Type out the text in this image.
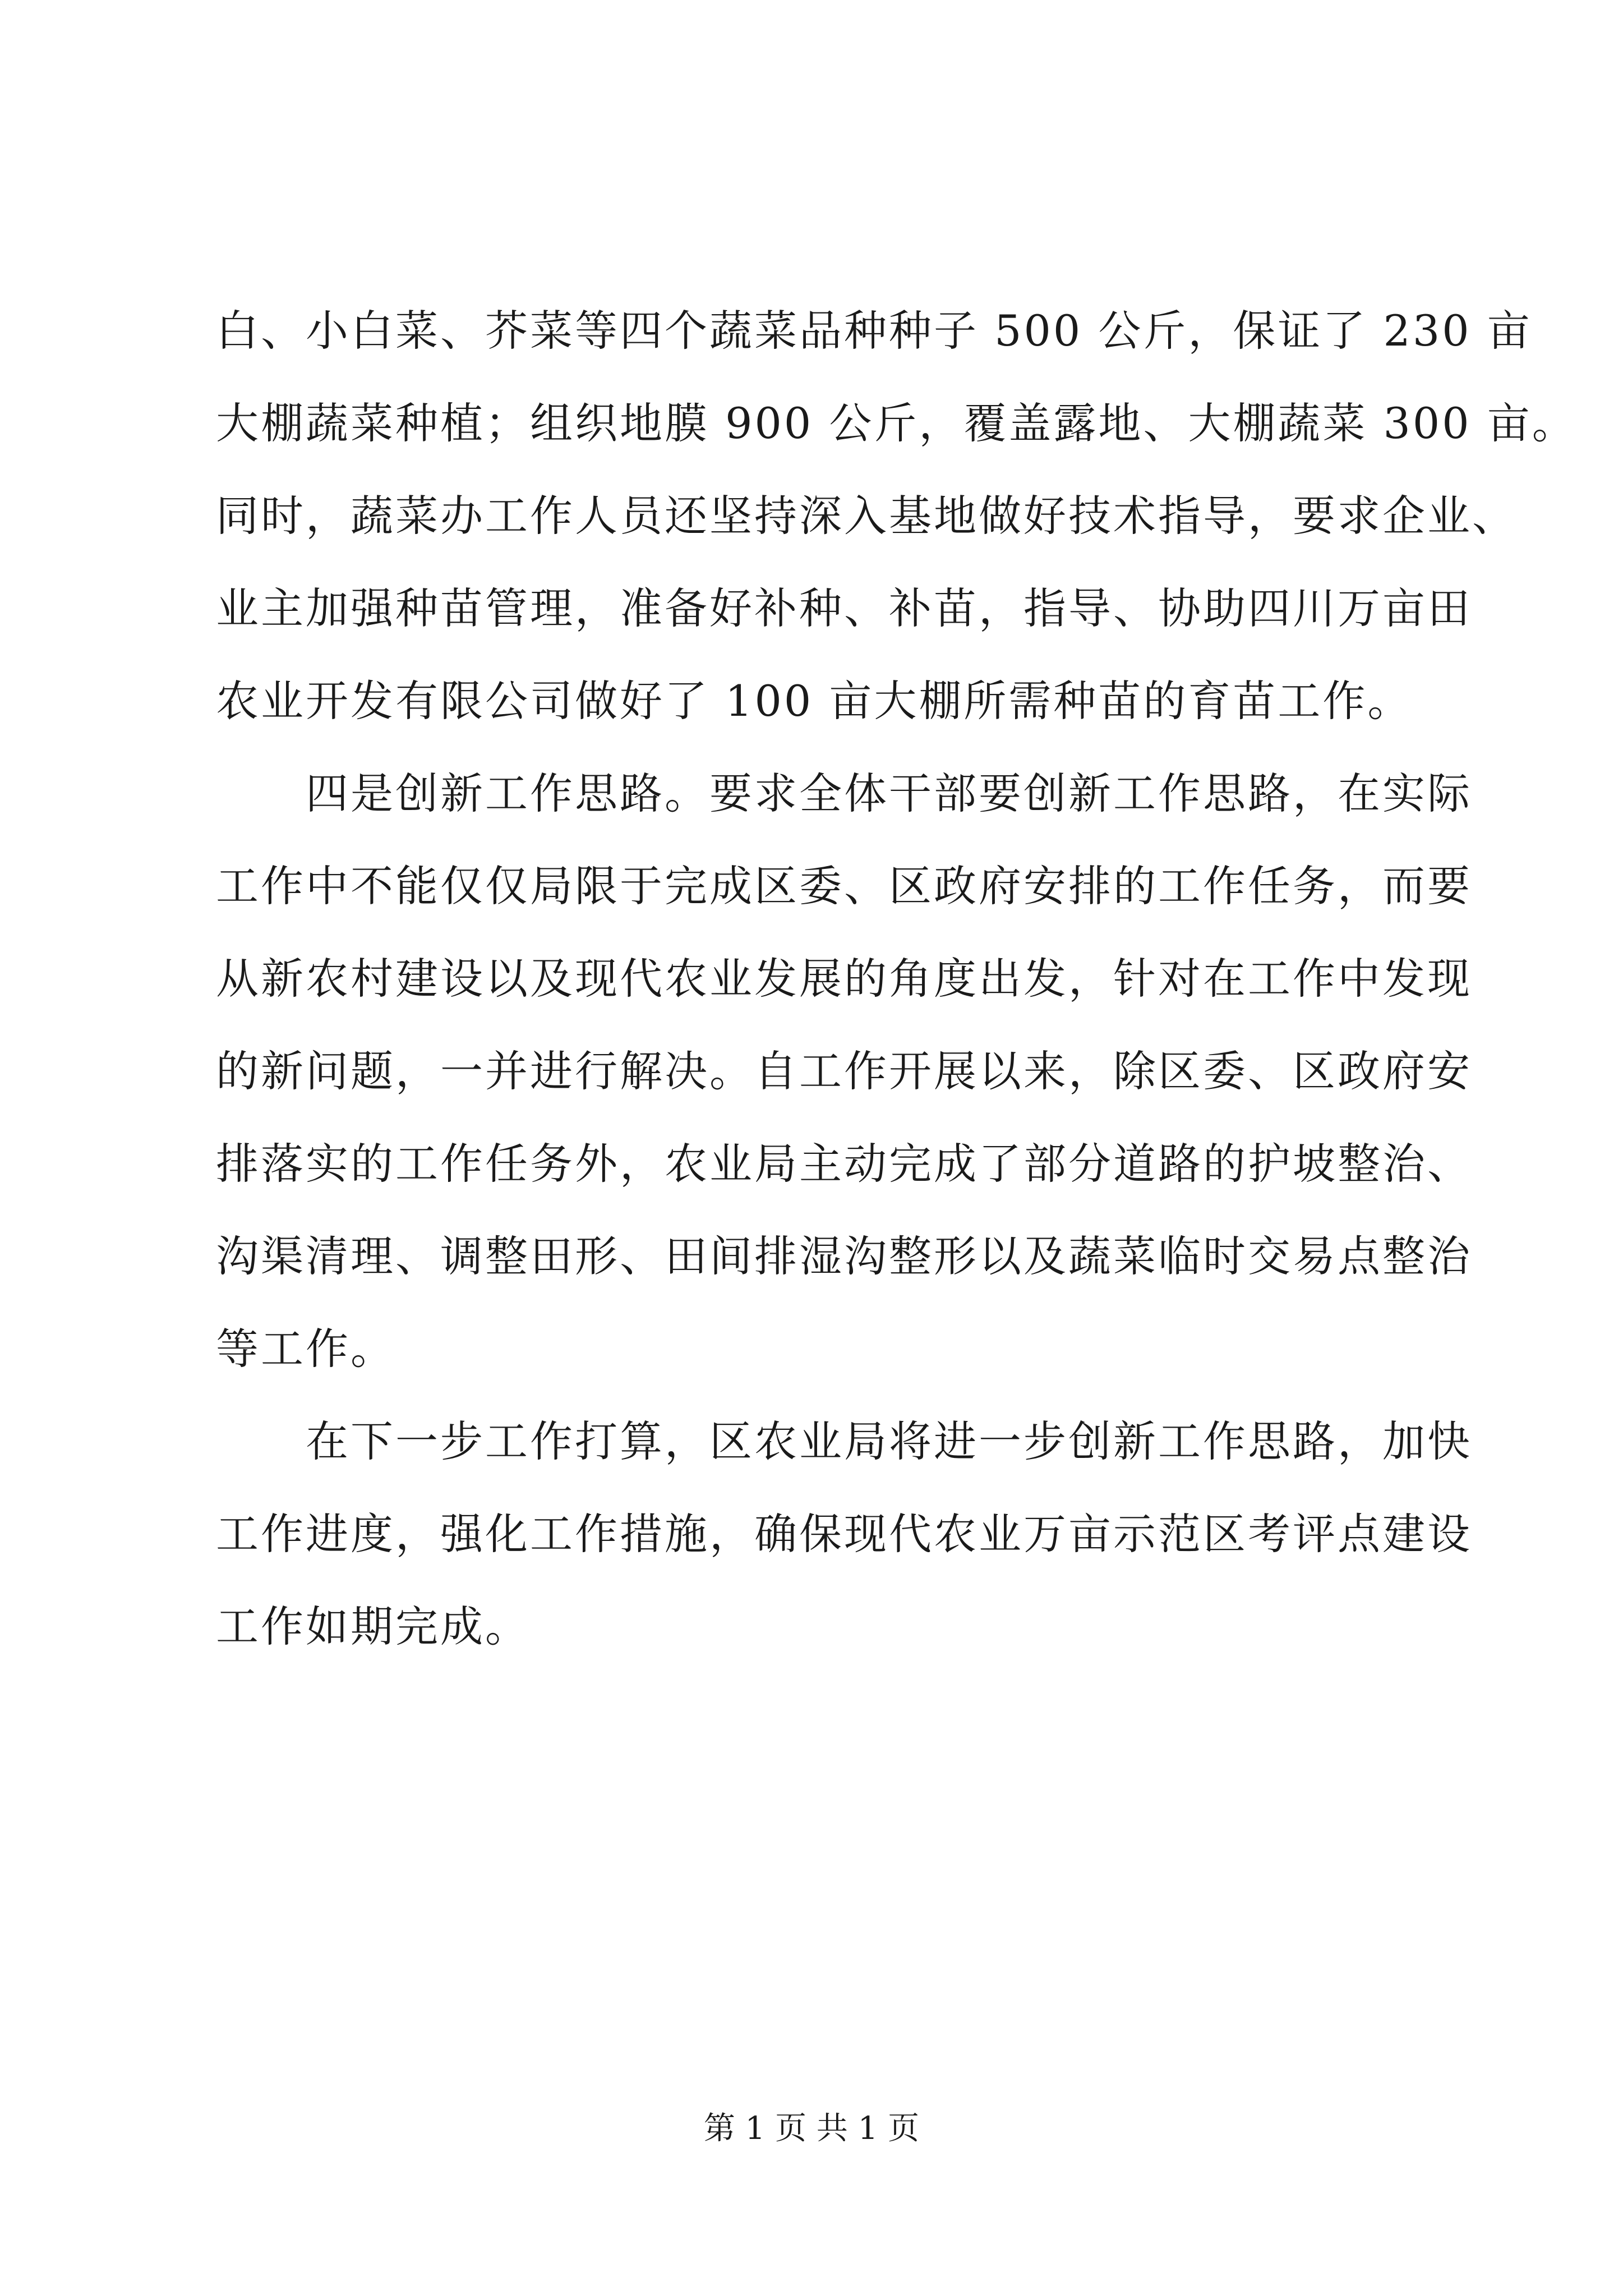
白、小白菜、芥菜等四个蔬菜品种种子 500 公斤，保证了 230 亩
大棚蔬菜种植；组织地膜 900 公斤，覆盖露地、大棚蔬菜 300 亩。
同时，蔬菜办工作人员还坚持深入基地做好技术指导，要求企业、
业主加强种苗管理，准备好补种、补苗，指导、协助四川万亩田
农业开发有限公司做好了 100 亩大棚所需种苗的育苗工作。
四是创新工作思路。要求全体干部要创新工作思路，在实际
工作中不能仅仅局限于完成区委、区政府安排的工作任务，而要
从新农村建设以及现代农业发展的角度出发，针对在工作中发现
的新问题，一并进行解决。自工作开展以来，除区委、区政府安
排落实的工作任务外，农业局主动完成了部分道路的护坡整治、
沟渠清理、调整田形、田间排湿沟整形以及蔬菜临时交易点整治
等工作。
在下一步工作打算，区农业局将进一步创新工作思路，加快
工作进度，强化工作措施，确保现代农业万亩示范区考评点建设
工作如期完成。
第 1 页 共 1 页
